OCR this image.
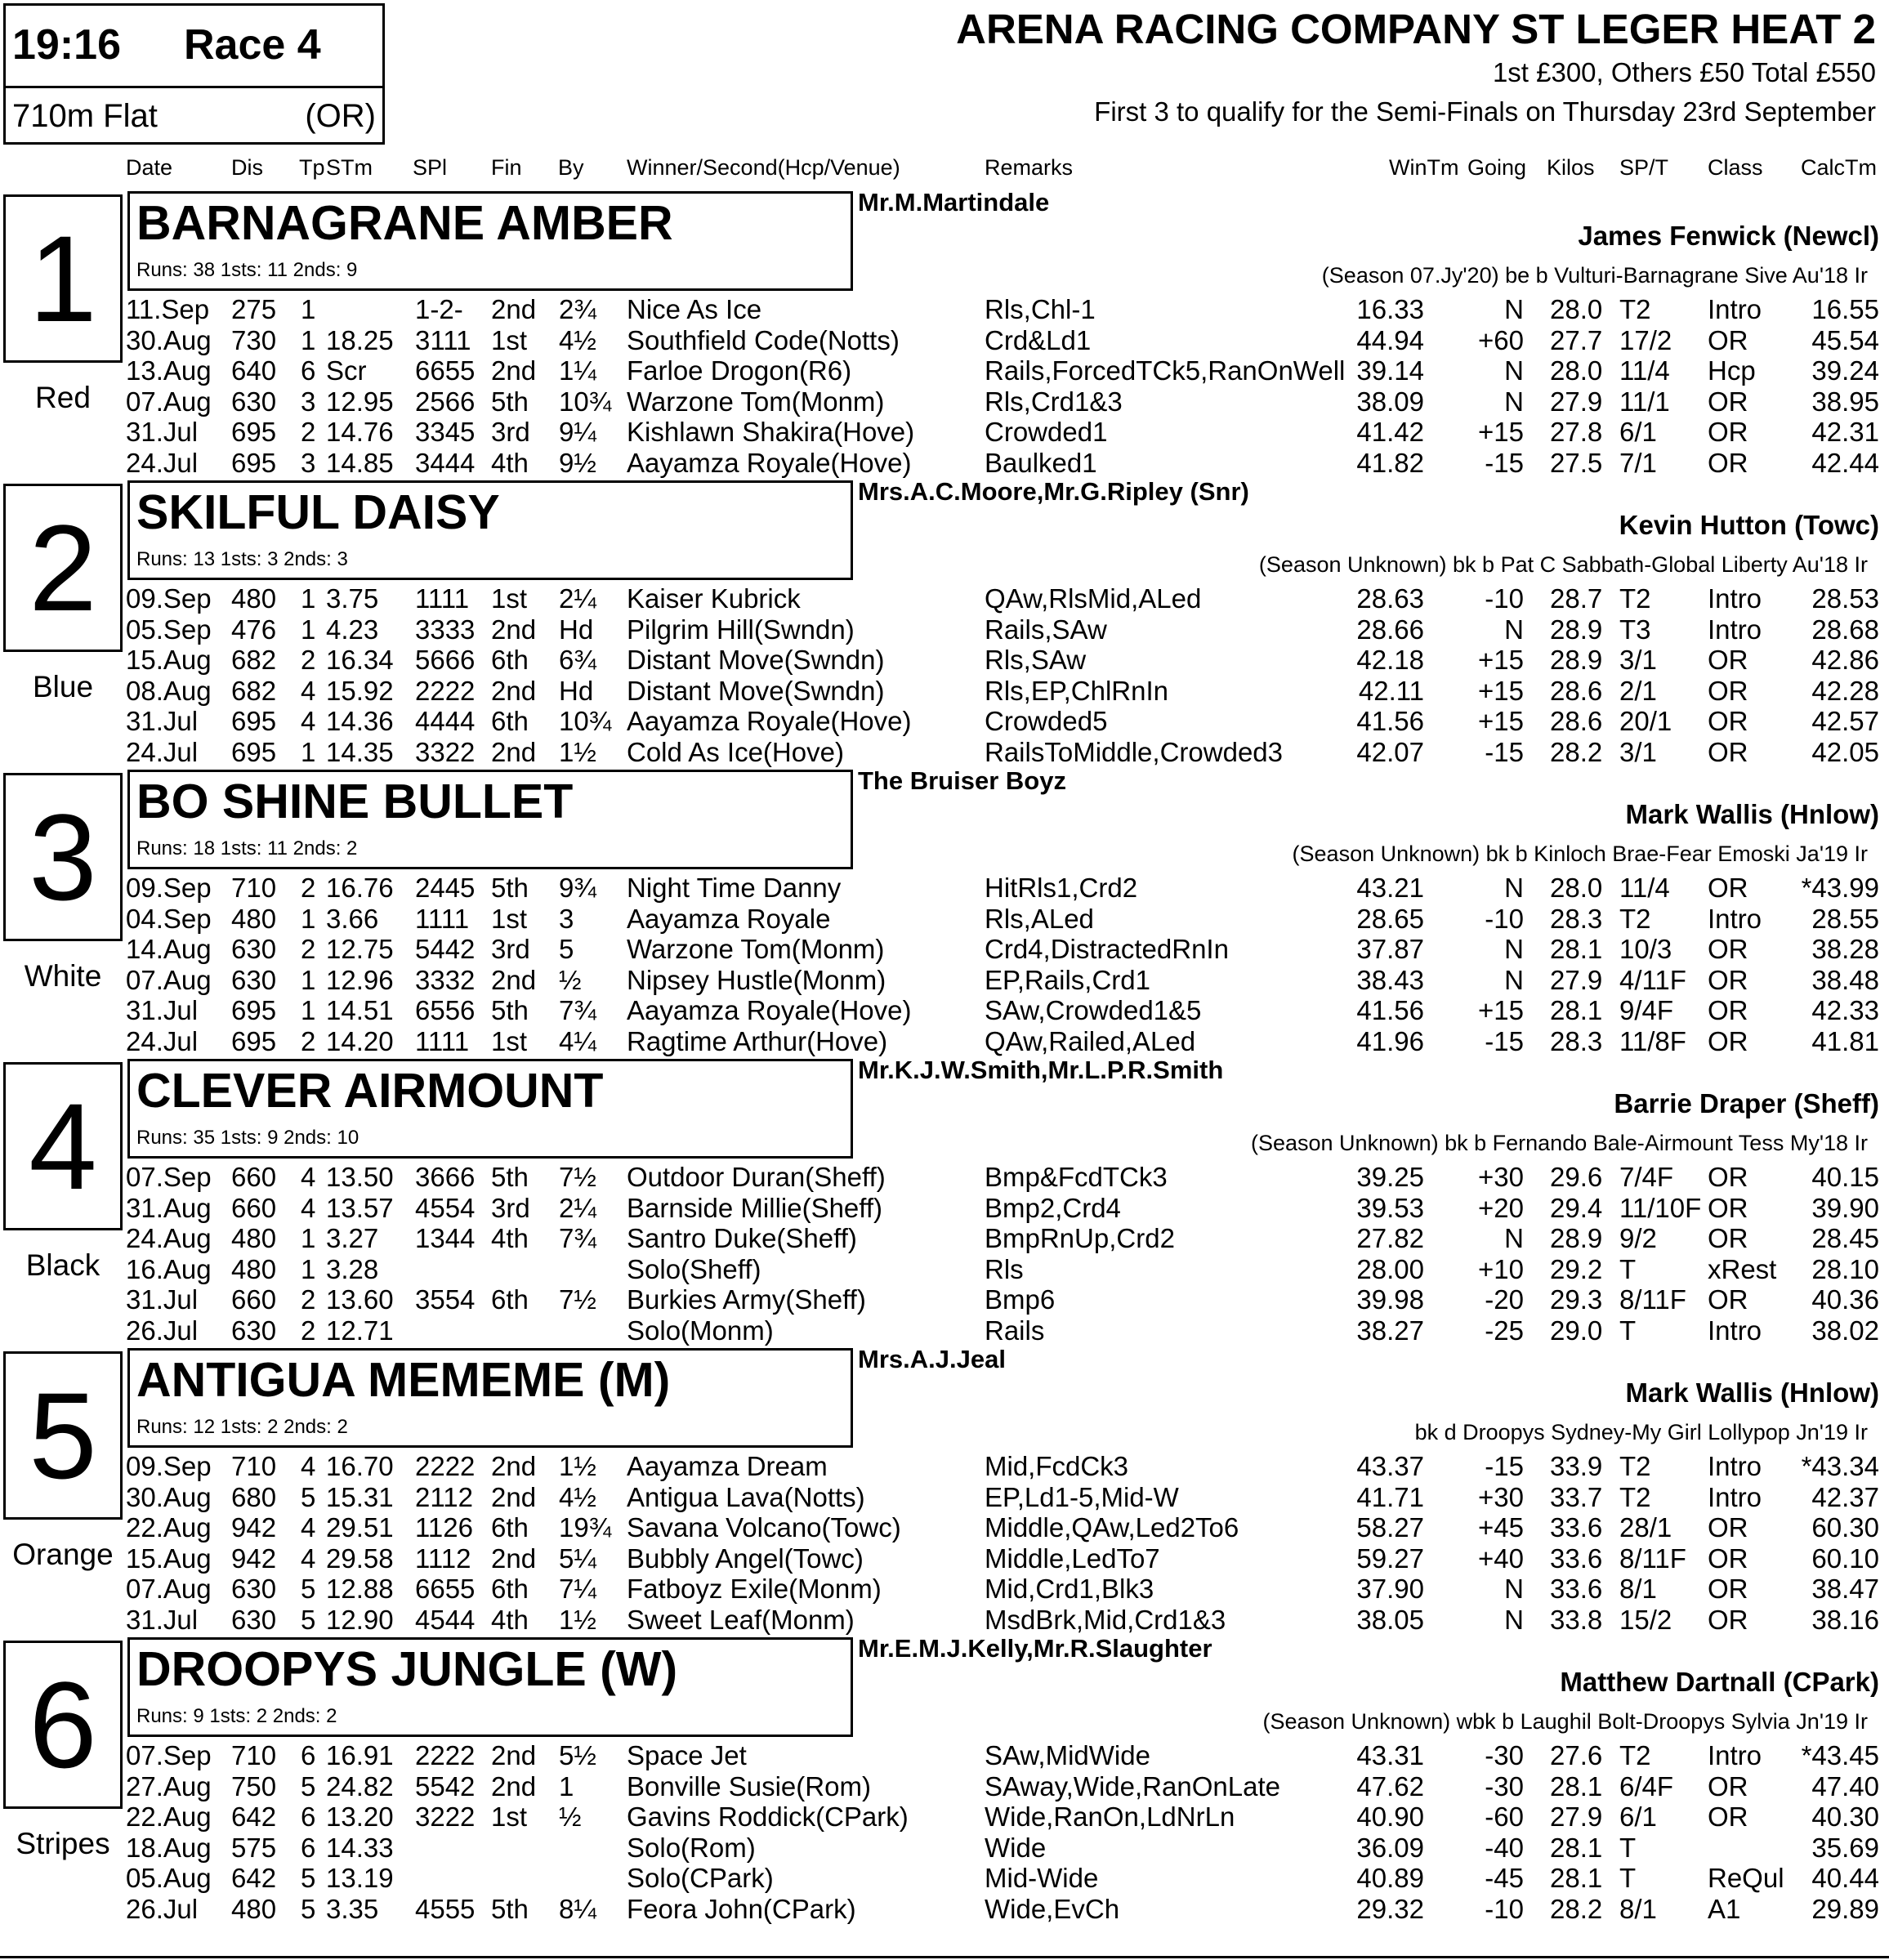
19:16 Race 4
710m Flat	(OR)
ARENA RACING COMPANY ST LEGER HEAT 2
1st £300, Others £50 Total £550
First 3 to qualify for the Semi-Finals on Thursday 23rd September
Date	Dis Tp STm SPl Fin By Winner/Second(Hcp/Venue)	Remarks	WinTm Going Kilos SP/T Class CalcTm
1
Red
BARNAGRANE AMBER
Runs: 38 1sts: 11 2nds: 9
Mr.M.Martindale
James Fenwick (Newcl)
(Season 07.Jy'20) be b Vulturi-Barnagrane Sive Au'18 Ir
11.Sep 275 1	1-2- 2nd 2¾ Nice As Ice	Rls,Chl-1	16.33	N 28.0 T2 Intro 16.55
30.Aug 730 1 18.25 3111 1st 4½ Southfield Code(Notts)	Crd&Ld1	44.94 +60 27.7 17/2 OR 45.54
13.Aug 640 6 Scr 6655 2nd 1¼ Farloe Drogon(R6)	Rails,ForcedTCk5,RanOnWell 39.14	N 28.0 11/4 Hcp 39.24
07.Aug 630 3 12.95 2566 5th 10¾ Warzone Tom(Monm)	Rls,Crd1&3	38.09	N 27.9 11/1 OR 38.95
31.Jul 695 2 14.76 3345 3rd 9¼ Kishlawn Shakira(Hove)	Crowded1	41.42 +15 27.8 6/1 OR 42.31
24.Jul 695 3 14.85 3444 4th 9½ Aayamza Royale(Hove)	Baulked1	41.82 -15 27.5 7/1 OR 42.44
2
Blue
SKILFUL DAISY
Runs: 13 1sts: 3 2nds: 3
Mrs.A.C.Moore,Mr.G.Ripley (Snr)
Kevin Hutton (Towc)
(Season Unknown) bk b Pat C Sabbath-Global Liberty Au'18 Ir
09.Sep 480 1 3.75 1111 1st 2¼ Kaiser Kubrick	QAw,RlsMid,ALed	28.63 -10 28.7 T2 Intro 28.53
05.Sep 476 1 4.23 3333 2nd Hd Pilgrim Hill(Swndn)	Rails,SAw	28.66	N 28.9 T3 Intro 28.68
15.Aug 682 2 16.34 5666 6th 6¾ Distant Move(Swndn)	Rls,SAw	42.18 +15 28.9 3/1 OR 42.86
08.Aug 682 4 15.92 2222 2nd Hd Distant Move(Swndn)	Rls,EP,ChlRnIn	42.11 +15 28.6 2/1 OR 42.28
31.Jul 695 4 14.36 4444 6th 10¾ Aayamza Royale(Hove)	Crowded5	41.56 +15 28.6 20/1 OR 42.57
24.Jul 695 1 14.35 3322 2nd 1½ Cold As Ice(Hove)	RailsToMiddle,Crowded3	42.07 -15 28.2 3/1 OR 42.05
3
White
BO SHINE BULLET
Runs: 18 1sts: 11 2nds: 2
The Bruiser Boyz
Mark Wallis (Hnlow)
(Season Unknown) bk b Kinloch Brae-Fear Emoski Ja'19 Ir
09.Sep 710 2 16.76 2445 5th 9¾ Night Time Danny	HitRls1,Crd2	43.21	N 28.0 11/4 OR *43.99
04.Sep 480 1 3.66 1111 1st 3 Aayamza Royale	Rls,ALed	28.65 -10 28.3 T2 Intro 28.55
14.Aug 630 2 12.75 5442 3rd 5 Warzone Tom(Monm)	Crd4,DistractedRnIn	37.87	N 28.1 10/3 OR 38.28
07.Aug 630 1 12.96 3332 2nd ½ Nipsey Hustle(Monm)	EP,Rails,Crd1	38.43	N 27.9 4/11F OR 38.48
31.Jul 695 1 14.51 6556 5th 7¾ Aayamza Royale(Hove)	SAw,Crowded1&5	41.56 +15 28.1 9/4F OR 42.33
24.Jul 695 2 14.20 1111 1st 4¼ Ragtime Arthur(Hove)	QAw,Railed,ALed	41.96 -15 28.3 11/8F OR 41.81
4
Black
CLEVER AIRMOUNT
Runs: 35 1sts: 9 2nds: 10
Mr.K.J.W.Smith,Mr.L.P.R.Smith
Barrie Draper (Sheff)
(Season Unknown) bk b Fernando Bale-Airmount Tess My'18 Ir
07.Sep 660 4 13.50 3666 5th 7½ Outdoor Duran(Sheff)	Bmp&FcdTCk3	39.25 +30 29.6 7/4F OR 40.15
31.Aug 660 4 13.57 4554 3rd 2¼ Barnside Millie(Sheff)	Bmp2,Crd4	39.53 +20 29.4 11/10F OR 39.90
24.Aug 480 1 3.27 1344 4th 7¾ Santro Duke(Sheff)	BmpRnUp,Crd2	27.82	N 28.9 9/2 OR 28.45
16.Aug 480 1 3.28	Solo(Sheff)	Rls	28.00 +10 29.2 T	xRest 28.10
31.Jul 660 2 13.60 3554 6th 7½ Burkies Army(Sheff)	Bmp6	39.98 -20 29.3 8/11F OR 40.36
26.Jul 630 2 12.71	Solo(Monm)	Rails	38.27 -25 29.0 T	Intro 38.02
5
Orange
ANTIGUA MEMEME (M)
Runs: 12 1sts: 2 2nds: 2
Mrs.A.J.Jeal
Mark Wallis (Hnlow)
bk d Droopys Sydney-My Girl Lollypop Jn'19 Ir
09.Sep 710 4 16.70 2222 2nd 1½ Aayamza Dream	Mid,FcdCk3	43.37 -15 33.9 T2 Intro *43.34
30.Aug 680 5 15.31 2112 2nd 4½ Antigua Lava(Notts)	EP,Ld1-5,Mid-W	41.71 +30 33.7 T2 Intro 42.37
22.Aug 942 4 29.51 1126 6th 19¾ Savana Volcano(Towc)	Middle,QAw,Led2To6	58.27 +45 33.6 28/1 OR 60.30
15.Aug 942 4 29.58 1112 2nd 5¼ Bubbly Angel(Towc)	Middle,LedTo7	59.27 +40 33.6 8/11F OR 60.10
07.Aug 630 5 12.88 6655 6th 7¼ Fatboyz Exile(Monm)	Mid,Crd1,Blk3	37.90	N 33.6 8/1 OR 38.47
31.Jul 630 5 12.90 4544 4th 1½ Sweet Leaf(Monm)	MsdBrk,Mid,Crd1&3	38.05	N 33.8 15/2 OR 38.16
6
Stripes
DROOPYS JUNGLE (W)
Runs: 9 1sts: 2 2nds: 2
Mr.E.M.J.Kelly,Mr.R.Slaughter
Matthew Dartnall (CPark)
(Season Unknown) wbk b Laughil Bolt-Droopys Sylvia Jn'19 Ir
07.Sep 710 6 16.91 2222 2nd 5½ Space Jet	SAw,MidWide	43.31 -30 27.6 T2 Intro *43.45
27.Aug 750 5 24.82 5542 2nd 1 Bonville Susie(Rom)	SAway,Wide,RanOnLate	47.62 -30 28.1 6/4F OR 47.40
22.Aug 642 6 13.20 3222 1st ½ Gavins Roddick(CPark)	Wide,RanOn,LdNrLn	40.90 -60 27.9 6/1 OR 40.30
18.Aug 575 6 14.33	Solo(Rom)	Wide	36.09 -40 28.1 T	35.69
05.Aug 642 5 13.19	Solo(CPark)	Mid-Wide	40.89 -45 28.1 T	ReQul 40.44
26.Jul 480 5 3.35 4555 5th 8¼ Feora John(CPark)	Wide,EvCh	29.32 -10 28.2 8/1 A1	29.89
